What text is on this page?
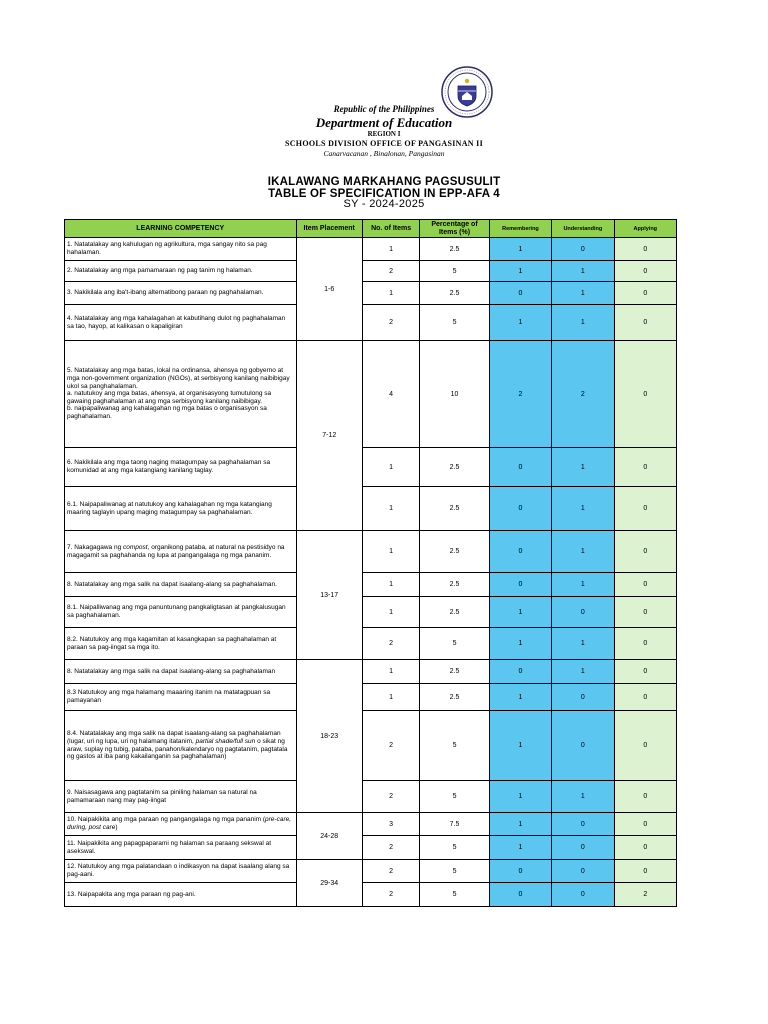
Republic of the Philippines
Department of Education
REGION I
SCHOOLS DIVISION OFFICE OF PANGASINAN II
Canarvacanan , Binalonan, Pangasinan
IKALAWANG MARKAHANG PAGSUSULIT
TABLE OF SPECIFICATION IN EPP-AFA 4
SY - 2024-2025
LEARNING COMPETENCY	Item Placement	No. of Items	Percentage of Items (%)	Remembering	Understanding	Applying
1. Natatalakay ang kahulugan ng agrikultura, mga sangay nito sa pag hahalaman.	1-6	1	2.5	1	0	0
2. Natatalakay ang mga pamamaraan ng pag tanim ng halaman.		2	5	1	1	0
3. Nakikilala ang iba't-ibang alternatibong paraan ng paghahalaman.		1	2.5	0	1	0
4. Natatalakay ang mga kahalagahan at kabutihang dulot ng paghahalaman sa tao, hayop, at kalikasan o kapaligiran		2	5	1	1	0
5. Natatalakay ang mga batas, lokal na ordinansa, ahensya ng gobyerno at mga non-government organization (NGOs), at serbisyong kanilang naibibigay ukol sa panghahalaman.
a. natutukoy ang mga batas, ahensya, at organisasyong tumutulong sa gawaing paghahalaman at ang mga serbisyong kanilang naibibigay.
b. naipapaliwanag ang kahalagahan ng mga batas o organisasyon sa paghahalaman.	7-12	4	10	2	2	0
6. Nakikilala ang mga taong naging matagumpay sa paghahalaman sa komunidad at ang mga katangiang kanilang taglay.		1	2.5	0	1	0
6.1. Naipapaliwanag at natutukoy ang kahalagahan ng mga katangiang maaring taglayin upang maging matagumpay sa paghahalaman.		1	2.5	0	1	0
7. Nakagagawa ng compost, organikong pataba, at natural na pestisidyo na magagamit sa paghahanda ng lupa at pangangalaga ng mga pananim.	13-17	1	2.5	0	1	0
8. Natatalakay ang mga salik na dapat isaalang-alang sa paghahalaman.		1	2.5	0	1	0
8.1. Naipalliwanag ang mga panuntunang pangkaligtasan at pangkalusugan sa paghahalaman.		1	2.5	1	0	0
8.2. Natutukoy ang mga kagamitan at kasangkapan sa paghahalaman at paraan sa pag-iingat sa mga ito.		2	5	1	1	0
8. Natatalakay ang mga salik na dapat isaalang-alang sa paghahalaman	18-23	1	2.5	0	1	0
8.3 Natutukoy ang mga halamang maaaring itanim na matatagpuan sa pamayanan		1	2.5	1	0	0
8.4. Natatalakay ang mga salik na dapat isaalang-alang sa paghahalaman (lugar, uri ng lupa, uri ng halamang itatanim, partial shade/full sun o sikat ng araw, suplay ng tubig, pataba, panahon/kalendaryo ng pagtatanim, pagtatala ng gastos at iba pang kakailanganin sa paghahalaman)		2	5	1	0	0
9. Naisasagawa ang pagtatanim sa piniling halaman sa natural na pamamaraan nang may pag-iingat		2	5	1	1	0
10. Naipakikita ang mga paraan ng pangangalaga ng mga pananim (pre-care, during, post care)	24-28	3	7.5	1	0	0
11. Naipakikita ang papagpaparami ng halaman sa paraang sekswal at asekswal.		2	5	1	0	0
12. Natutukoy ang mga palatandaan o indikasyon na dapat isaalang alang sa pag-aani.	29-34	2	5	0	0	0
13. Naipapakita ang mga paraan ng pag-ani.		2	5	0	0	2
